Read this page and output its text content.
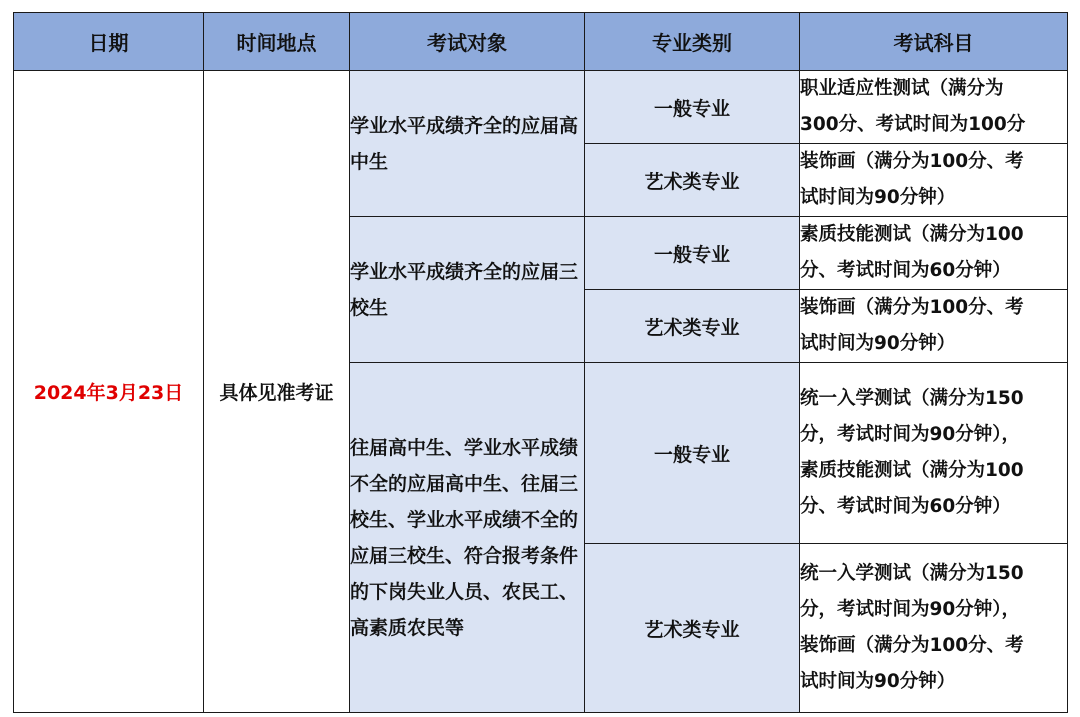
日期	时间地点	考试对象	专业类别	考试科目
2024年3月23日	具体见准考证	学业水平成绩齐全的应届高中生	一般专业	职业适应性测试（满分为
300分、考试时间为100分
			艺术类专业	装饰画（满分为100分、考
试时间为90分钟）
		学业水平成绩齐全的应届三校生	一般专业	素质技能测试（满分为100
分、考试时间为60分钟）
			艺术类专业	装饰画（满分为100分、考
试时间为90分钟）
		往届高中生、学业水平成绩不全的应届高中生、往届三校生、学业水平成绩不全的应届三校生、符合报考条件的下岗失业人员、农民工、高素质农民等	一般专业	统一入学测试（满分为150
分，考试时间为90分钟），
素质技能测试（满分为100
分、考试时间为60分钟）
			艺术类专业	统一入学测试（满分为150
分，考试时间为90分钟），
装饰画（满分为100分、考
试时间为90分钟）
